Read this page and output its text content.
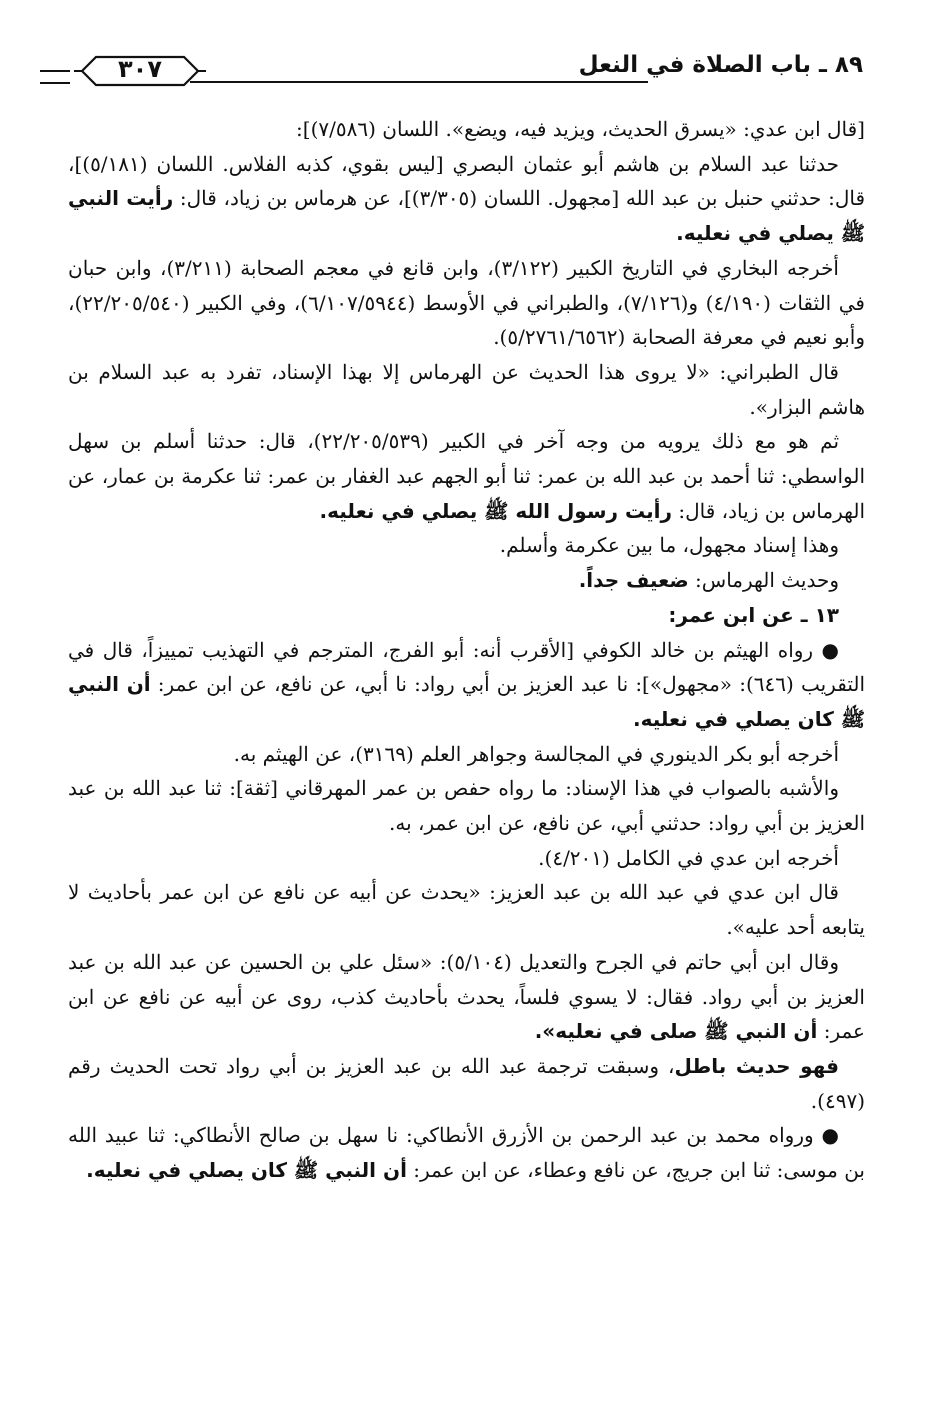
٨٩ ـ باب الصلاة في النعل
٣٠٧

[قال ابن عدي: «يسرق الحديث، ويزيد فيه، ويضع». اللسان (٧/٥٨٦)]:

حدثنا عبد السلام بن هاشم أبو عثمان البصري [ليس بقوي، كذبه الفلاس. اللسان (٥/١٨١)]، قال: حدثني حنبل بن عبد الله [مجهول. اللسان (٣/٣٠٥)]، عن هرماس بن زياد، قال: رأيت النبي ﷺ يصلي في نعليه.

أخرجه البخاري في التاريخ الكبير (٣/١٢٢)، وابن قانع في معجم الصحابة (٣/٢١١)، وابن حبان في الثقات (٤/١٩٠) و(٧/١٢٦)، والطبراني في الأوسط (٦/١٠٧/٥٩٤٤)، وفي الكبير (٢٢/٢٠٥/٥٤٠)، وأبو نعيم في معرفة الصحابة (٥/٢٧٦١/٦٥٦٢).

قال الطبراني: «لا يروى هذا الحديث عن الهرماس إلا بهذا الإسناد، تفرد به عبد السلام بن هاشم البزار».

ثم هو مع ذلك يرويه من وجه آخر في الكبير (٢٢/٢٠٥/٥٣٩)، قال: حدثنا أسلم بن سهل الواسطي: ثنا أحمد بن عبد الله بن عمر: ثنا أبو الجهم عبد الغفار بن عمر: ثنا عكرمة بن عمار، عن الهرماس بن زياد، قال: رأيت رسول الله ﷺ يصلي في نعليه.

وهذا إسناد مجهول، ما بين عكرمة وأسلم.

وحديث الهرماس: ضعيف جداً.

١٣ ـ عن ابن عمر:

● رواه الهيثم بن خالد الكوفي [الأقرب أنه: أبو الفرج، المترجم في التهذيب تمييزاً، قال في التقريب (٦٤٦): «مجهول»]: نا عبد العزيز بن أبي رواد: نا أبي، عن نافع، عن ابن عمر: أن النبي ﷺ كان يصلي في نعليه.

أخرجه أبو بكر الدينوري في المجالسة وجواهر العلم (٣١٦٩)، عن الهيثم به.

والأشبه بالصواب في هذا الإسناد: ما رواه حفص بن عمر المهرقاني [ثقة]: ثنا عبد الله بن عبد العزيز بن أبي رواد: حدثني أبي، عن نافع، عن ابن عمر، به.

أخرجه ابن عدي في الكامل (٤/٢٠١).

قال ابن عدي في عبد الله بن عبد العزيز: «يحدث عن أبيه عن نافع عن ابن عمر بأحاديث لا يتابعه أحد عليه».

وقال ابن أبي حاتم في الجرح والتعديل (٥/١٠٤): «سئل علي بن الحسين عن عبد الله بن عبد العزيز بن أبي رواد. فقال: لا يسوي فلساً، يحدث بأحاديث كذب، روى عن أبيه عن نافع عن ابن عمر: أن النبي ﷺ صلى في نعليه».

فهو حديث باطل، وسبقت ترجمة عبد الله بن عبد العزيز بن أبي رواد تحت الحديث رقم (٤٩٧).

● ورواه محمد بن عبد الرحمن بن الأزرق الأنطاكي: نا سهل بن صالح الأنطاكي: ثنا عبيد الله بن موسى: ثنا ابن جريج، عن نافع وعطاء، عن ابن عمر: أن النبي ﷺ كان يصلي في نعليه.
